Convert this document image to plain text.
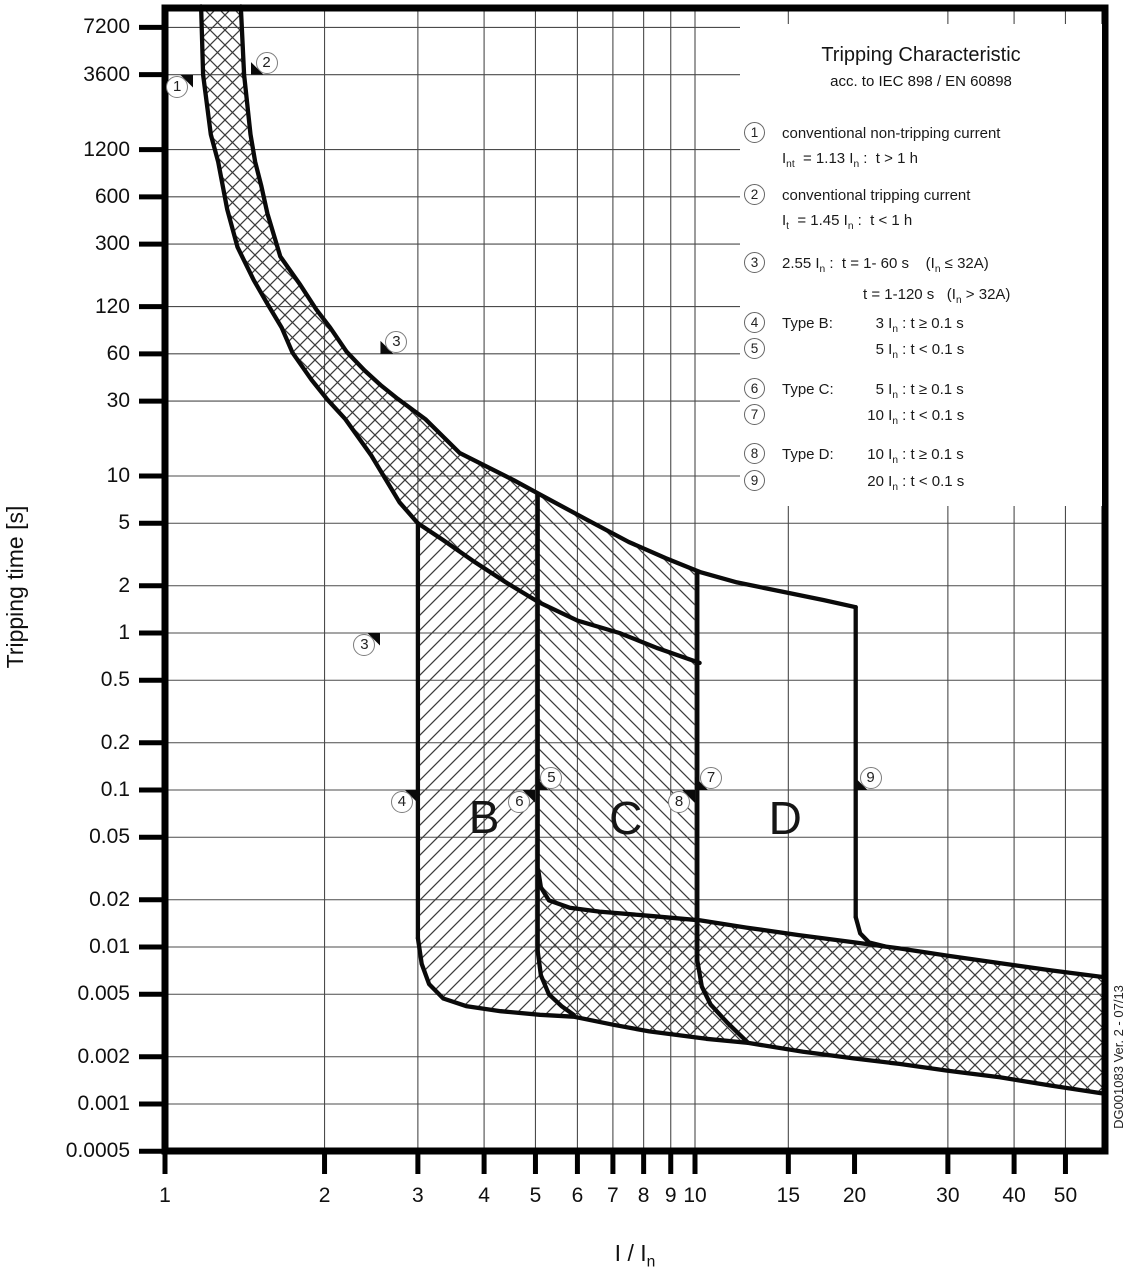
Tripping time [s]
I / $I_n$
DG001083 Ver. 2 - 07/13
Tripping Characteristic
acc. to IEC 898 / EN 60898
1	conventional non-tripping current
$I_{nt} = 1.13$ $I_n$ :  t > 1 h
2	conventional tripping current
$I_t = 1.45$ $I_n$ :  t < 1 h
3	2.55 $I_n$ :  t = 1- 60 s    $(I_n \le 32A)$
t = 1-120 s   $(I_n > 32A)$
4	Type B:	3 $I_n$ : t ≥ 0.1 s
5	5 $I_n$ : t < 0.1 s
6	Type C:	5 $I_n$ : t ≥ 0.1 s
7	10 $I_n$ : t < 0.1 s
8	Type D: 10 $I_n$ : t ≥ 0.1 s
9	20 $I_n$ : t < 0.1 s
7200
3600
1200
600
300
120
60
30
10
5
2
1
0.5
0.2
0.1
0.05
0.02
0.01
0.005
0.002
0.001
0.0005
1	2	3	4	5	6	7 8 9 10	15	20	30	40	50
B C	D
1
2
3
3
4
5
6
7
8
9
